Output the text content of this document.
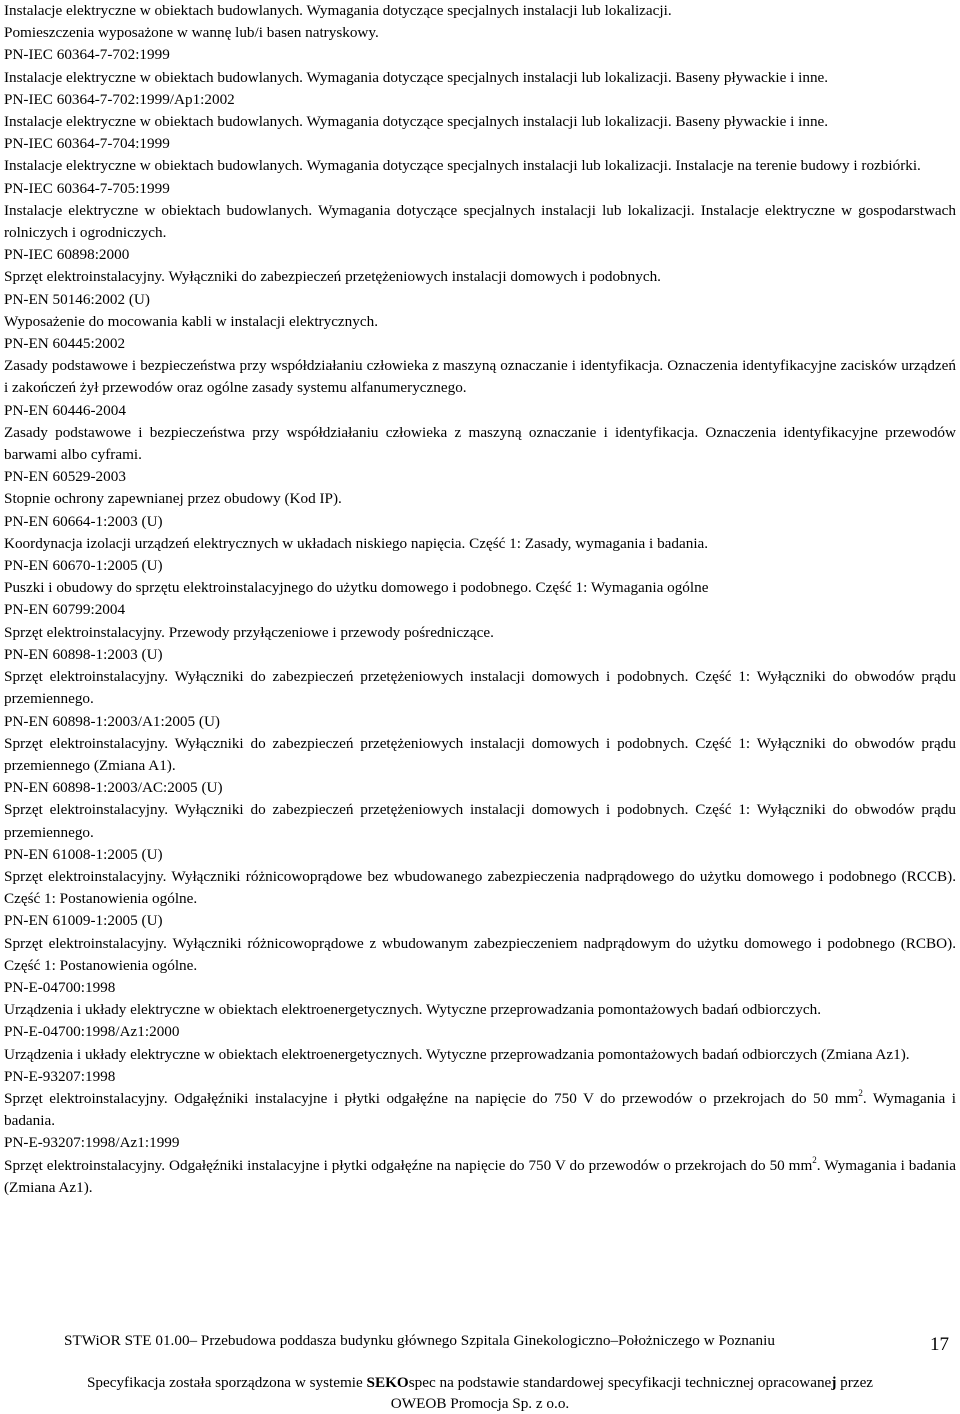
Instalacje elektryczne w obiektach budowlanych. Wymagania dotyczące specjalnych instalacji lub lokalizacji.
Pomieszczenia wyposażone w wannę lub/i basen natryskowy.
PN-IEC 60364-7-702:1999
Instalacje elektryczne w obiektach budowlanych. Wymagania dotyczące specjalnych instalacji lub lokalizacji. Baseny pływackie i inne.
PN-IEC 60364-7-702:1999/Ap1:2002
Instalacje elektryczne w obiektach budowlanych. Wymagania dotyczące specjalnych instalacji lub lokalizacji. Baseny pływackie i inne.
PN-IEC 60364-7-704:1999
Instalacje elektryczne w obiektach budowlanych. Wymagania dotyczące specjalnych instalacji lub lokalizacji. Instalacje na terenie budowy i rozbiórki.
PN-IEC 60364-7-705:1999
Instalacje elektryczne w obiektach budowlanych. Wymagania dotyczące specjalnych instalacji lub lokalizacji. Instalacje elektryczne w gospodarstwach rolniczych i ogrodniczych.
PN-IEC 60898:2000
Sprzęt elektroinstalacyjny. Wyłączniki do zabezpieczeń przetężeniowych instalacji domowych i podobnych.
PN-EN 50146:2002 (U)
Wyposażenie do mocowania kabli w instalacji elektrycznych.
PN-EN 60445:2002
Zasady podstawowe i bezpieczeństwa przy współdziałaniu człowieka z maszyną oznaczanie i identyfikacja. Oznaczenia identyfikacyjne zacisków urządzeń i zakończeń żył przewodów oraz ogólne zasady systemu alfanumerycznego.
PN-EN 60446-2004
Zasady podstawowe i bezpieczeństwa przy współdziałaniu człowieka z maszyną oznaczanie i identyfikacja. Oznaczenia identyfikacyjne przewodów barwami albo cyframi.
PN-EN 60529-2003
Stopnie ochrony zapewnianej przez obudowy (Kod IP).
PN-EN 60664-1:2003 (U)
Koordynacja izolacji urządzeń elektrycznych w układach niskiego napięcia. Część 1: Zasady, wymagania i badania.
PN-EN 60670-1:2005 (U)
Puszki i obudowy do sprzętu elektroinstalacyjnego do użytku domowego i podobnego. Część 1: Wymagania ogólne
PN-EN 60799:2004
Sprzęt elektroinstalacyjny. Przewody przyłączeniowe i przewody pośredniczące.
PN-EN 60898-1:2003 (U)
Sprzęt elektroinstalacyjny. Wyłączniki do zabezpieczeń przetężeniowych instalacji domowych i podobnych. Część 1: Wyłączniki do obwodów prądu przemiennego.
PN-EN 60898-1:2003/A1:2005 (U)
Sprzęt elektroinstalacyjny. Wyłączniki do zabezpieczeń przetężeniowych instalacji domowych i podobnych. Część 1: Wyłączniki do obwodów prądu przemiennego (Zmiana A1).
PN-EN 60898-1:2003/AC:2005 (U)
Sprzęt elektroinstalacyjny. Wyłączniki do zabezpieczeń przetężeniowych instalacji domowych i podobnych. Część 1: Wyłączniki do obwodów prądu przemiennego.
PN-EN 61008-1:2005 (U)
Sprzęt elektroinstalacyjny. Wyłączniki różnicowoprądowe bez wbudowanego zabezpieczenia nadprądowego do użytku domowego i podobnego (RCCB). Część 1: Postanowienia ogólne.
PN-EN 61009-1:2005 (U)
Sprzęt elektroinstalacyjny. Wyłączniki różnicowoprądowe z wbudowanym zabezpieczeniem nadprądowym do użytku domowego i podobnego (RCBO). Część 1: Postanowienia ogólne.
PN-E-04700:1998
Urządzenia i układy elektryczne w obiektach elektroenergetycznych. Wytyczne przeprowadzania pomontażowych badań odbiorczych.
PN-E-04700:1998/Az1:2000
Urządzenia i układy elektryczne w obiektach elektroenergetycznych. Wytyczne przeprowadzania pomontażowych badań odbiorczych (Zmiana Az1).
PN-E-93207:1998
Sprzęt elektroinstalacyjny. Odgałęźniki instalacyjne i płytki odgałęźne na napięcie do 750 V do przewodów o przekrojach do 50 $mm^2$. Wymagania i badania.
PN-E-93207:1998/Az1:1999
Sprzęt elektroinstalacyjny. Odgałęźniki instalacyjne i płytki odgałęźne na napięcie do 750 V do przewodów o przekrojach do 50 $mm^2$. Wymagania i badania (Zmiana Az1).
STWiOR STE 01.00– Przebudowa poddasza budynku głównego Szpitala Ginekologiczno–Położniczego w Poznaniu	17
Specyfikacja została sporządzona w systemie SEKOspec na podstawie standardowej specyfikacji technicznej opracowanej przez
OWEOB Promocja Sp. z o.o.
